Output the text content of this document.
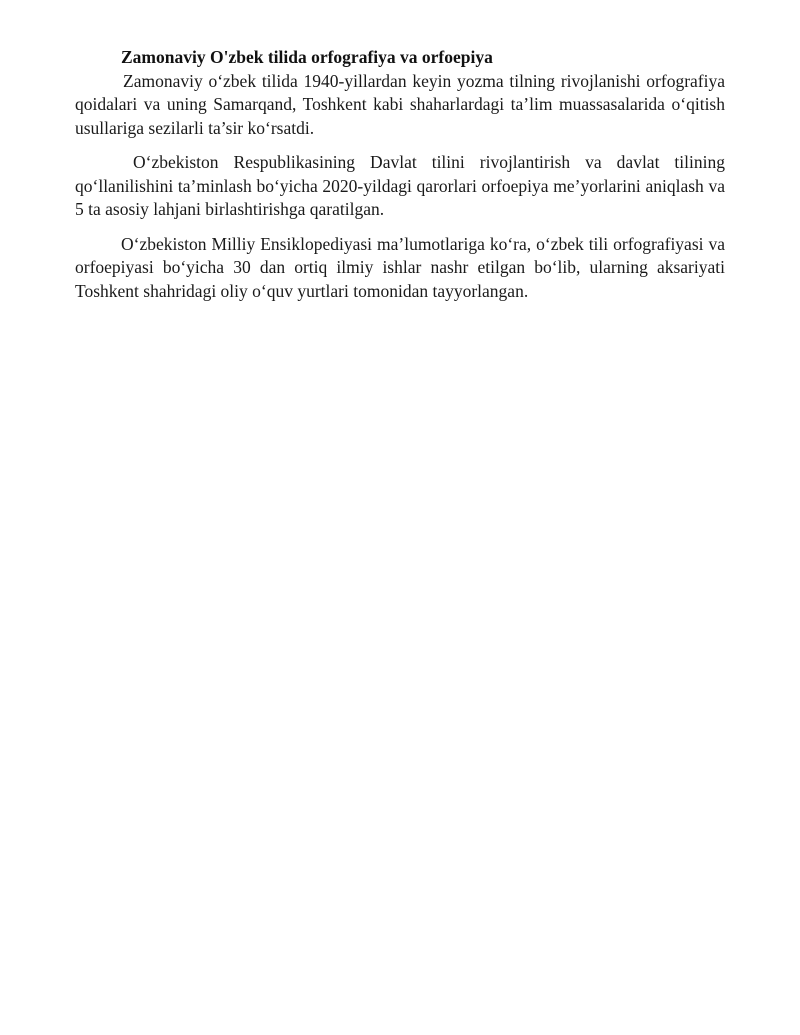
Zamonaviy O'zbek tilida orfografiya va orfoepiya

Zamonaviy o‘zbek tilida 1940-yillardan keyin yozma tilning rivojlanishi orfografiya qoidalari va uning Samarqand, Toshkent kabi shaharlardagi ta’lim muassasalarida o‘qitish usullariga sezilarli ta’sir ko‘rsatdi.

O‘zbekiston Respublikasining Davlat tilini rivojlantirish va davlat tilining qo‘llanilishini ta’minlash bo‘yicha 2020-yildagi qarorlari orfoepiya me’yorlarini aniqlash va 5 ta asosiy lahjani birlashtirishga qaratilgan.

O‘zbekiston Milliy Ensiklopediyasi ma’lumotlariga ko‘ra, o‘zbek tili orfografiyasi va orfoepiyasi bo‘yicha 30 dan ortiq ilmiy ishlar nashr etilgan bo‘lib, ularning aksariyati Toshkent shahridagi oliy o‘quv yurtlari tomonidan tayyorlangan.
